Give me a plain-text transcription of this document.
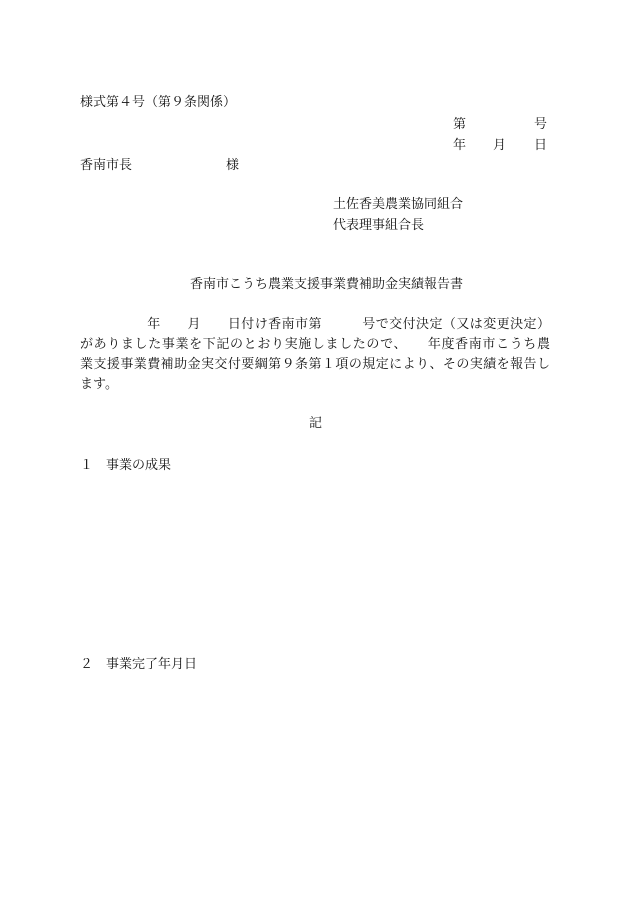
様式第４号（第９条関係）
第	号
年 月 日
香南市長	様
土佐香美農業協同組合
代表理事組合長
香南市こうち農業支援事業費補助金実績報告書
　　　　　年　　月　　日付け香南市第　　　号で交付決定（又は変更決定）
がありました事業を下記のとおり実施しましたので、　　年度香南市こうち農
業支援事業費補助金実交付要綱第９条第１項の規定により、その実績を報告し
ます。
記
１　事業の成果
２　事業完了年月日
